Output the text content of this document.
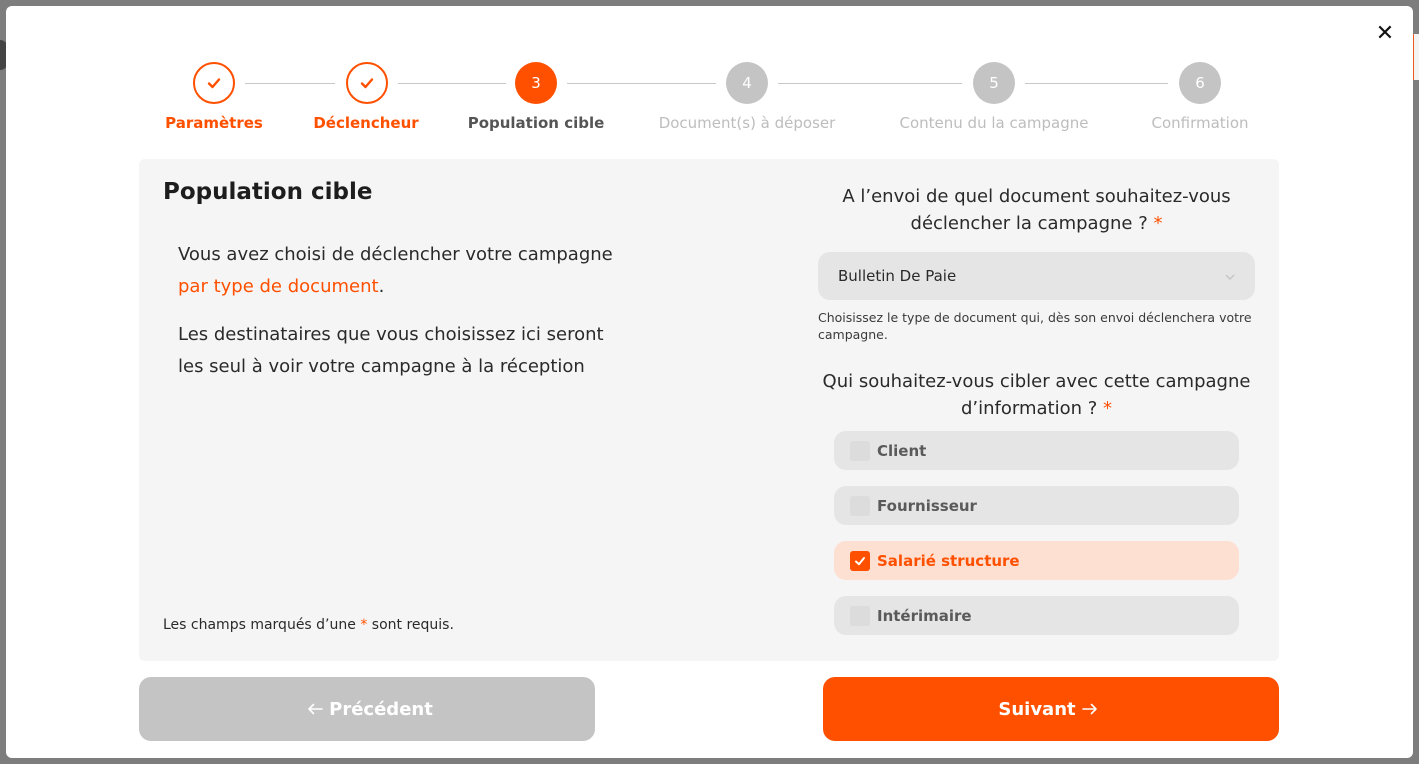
✕
3	4	5	6
Paramètres	Déclencheur	Population cible	Document(s) à déposer	Contenu du la campagne	Confirmation
Population cible

Vous avez choisi de déclencher votre campagne par type de document.

Les destinataires que vous choisissez ici seront les seul à voir votre campagne à la réception

Les champs marqués d’une * sont requis.
A l’envoi de quel document souhaitez-vous déclencher la campagne ? *
Bulletin De Paie
Choisissez le type de document qui, dès son envoi déclenchera votre campagne.
Qui souhaitez-vous cibler avec cette campagne d’information ? *
Client
Fournisseur
Salarié structure
Intérimaire
Précédent	Suivant
